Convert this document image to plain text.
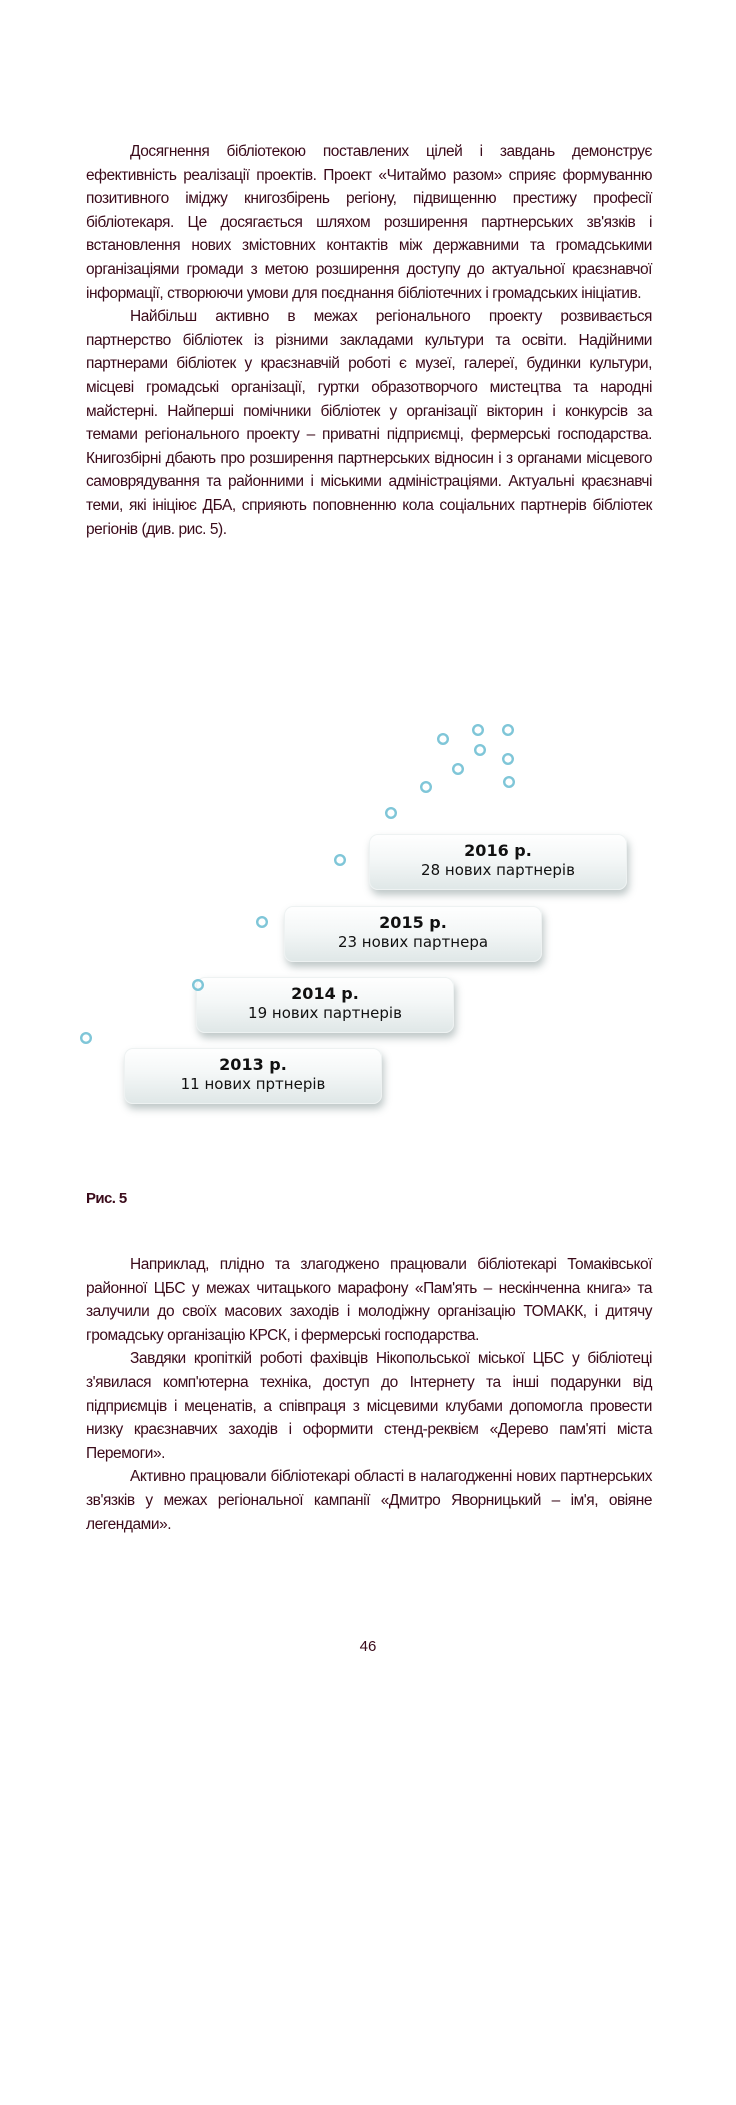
Досягнення бібліотекою поставлених цілей і завдань демонструє ефективність реалізації проектів. Проект «Читаймо разом» сприяє формуванню позитивного іміджу книгозбірень регіону, підвищенню престижу професії бібліотекаря. Це досягається шляхом розширення партнерських зв'язків і встановлення нових змістовних контактів між державними та громадськими організаціями громади з метою розширення доступу до актуальної краєзнавчої інформації, створюючи умови для поєднання бібліотечних і громадських ініціатив.

Найбільш активно в межах регіонального проекту розвивається партнерство бібліотек із різними закладами культури та освіти. Надійними партнерами бібліотек у краєзнавчій роботі є музеї, галереї, будинки культури, місцеві громадські організації, гуртки образотворчого мистецтва та народні майстерні. Найперші помічники бібліотек у організації вікторин і конкурсів за темами регіонального проекту – приватні підприємці, фермерські господарства. Книгозбірні дбають про розширення партнерських відносин і з органами місцевого самоврядування та районними і міськими адміністраціями. Актуальні краєзнавчі теми, які ініціює ДБА, сприяють поповненню кола соціальних партнерів бібліотек регіонів (див. рис. 5).

2013 р.
11 нових пртнерів
2014 р.
19 нових партнерів
2015 р.
23 нових партнера
2016 р.
28 нових партнерів
Рис. 5

Наприклад, плідно та злагоджено працювали бібліотекарі Томаківської районної ЦБС у межах читацького марафону «Пам'ять – нескінченна книга» та залучили до своїх масових заходів і молодіжну організацію ТОМАКК, і дитячу громадську організацію КРСК, і фермерські господарства.

Завдяки кропіткій роботі фахівців Нікопольської міської ЦБС у бібліотеці з'явилася комп'ютерна техніка, доступ до Інтернету та інші подарунки від підприємців і меценатів, а співпраця з місцевими клубами допомогла провести низку краєзнавчих заходів і оформити стенд-реквієм «Дерево пам'яті міста Перемоги».

Активно працювали бібліотекарі області в налагодженні нових партнерських зв'язків у межах регіональної кампанії «Дмитро Яворницький – ім'я, овіяне легендами».

46
